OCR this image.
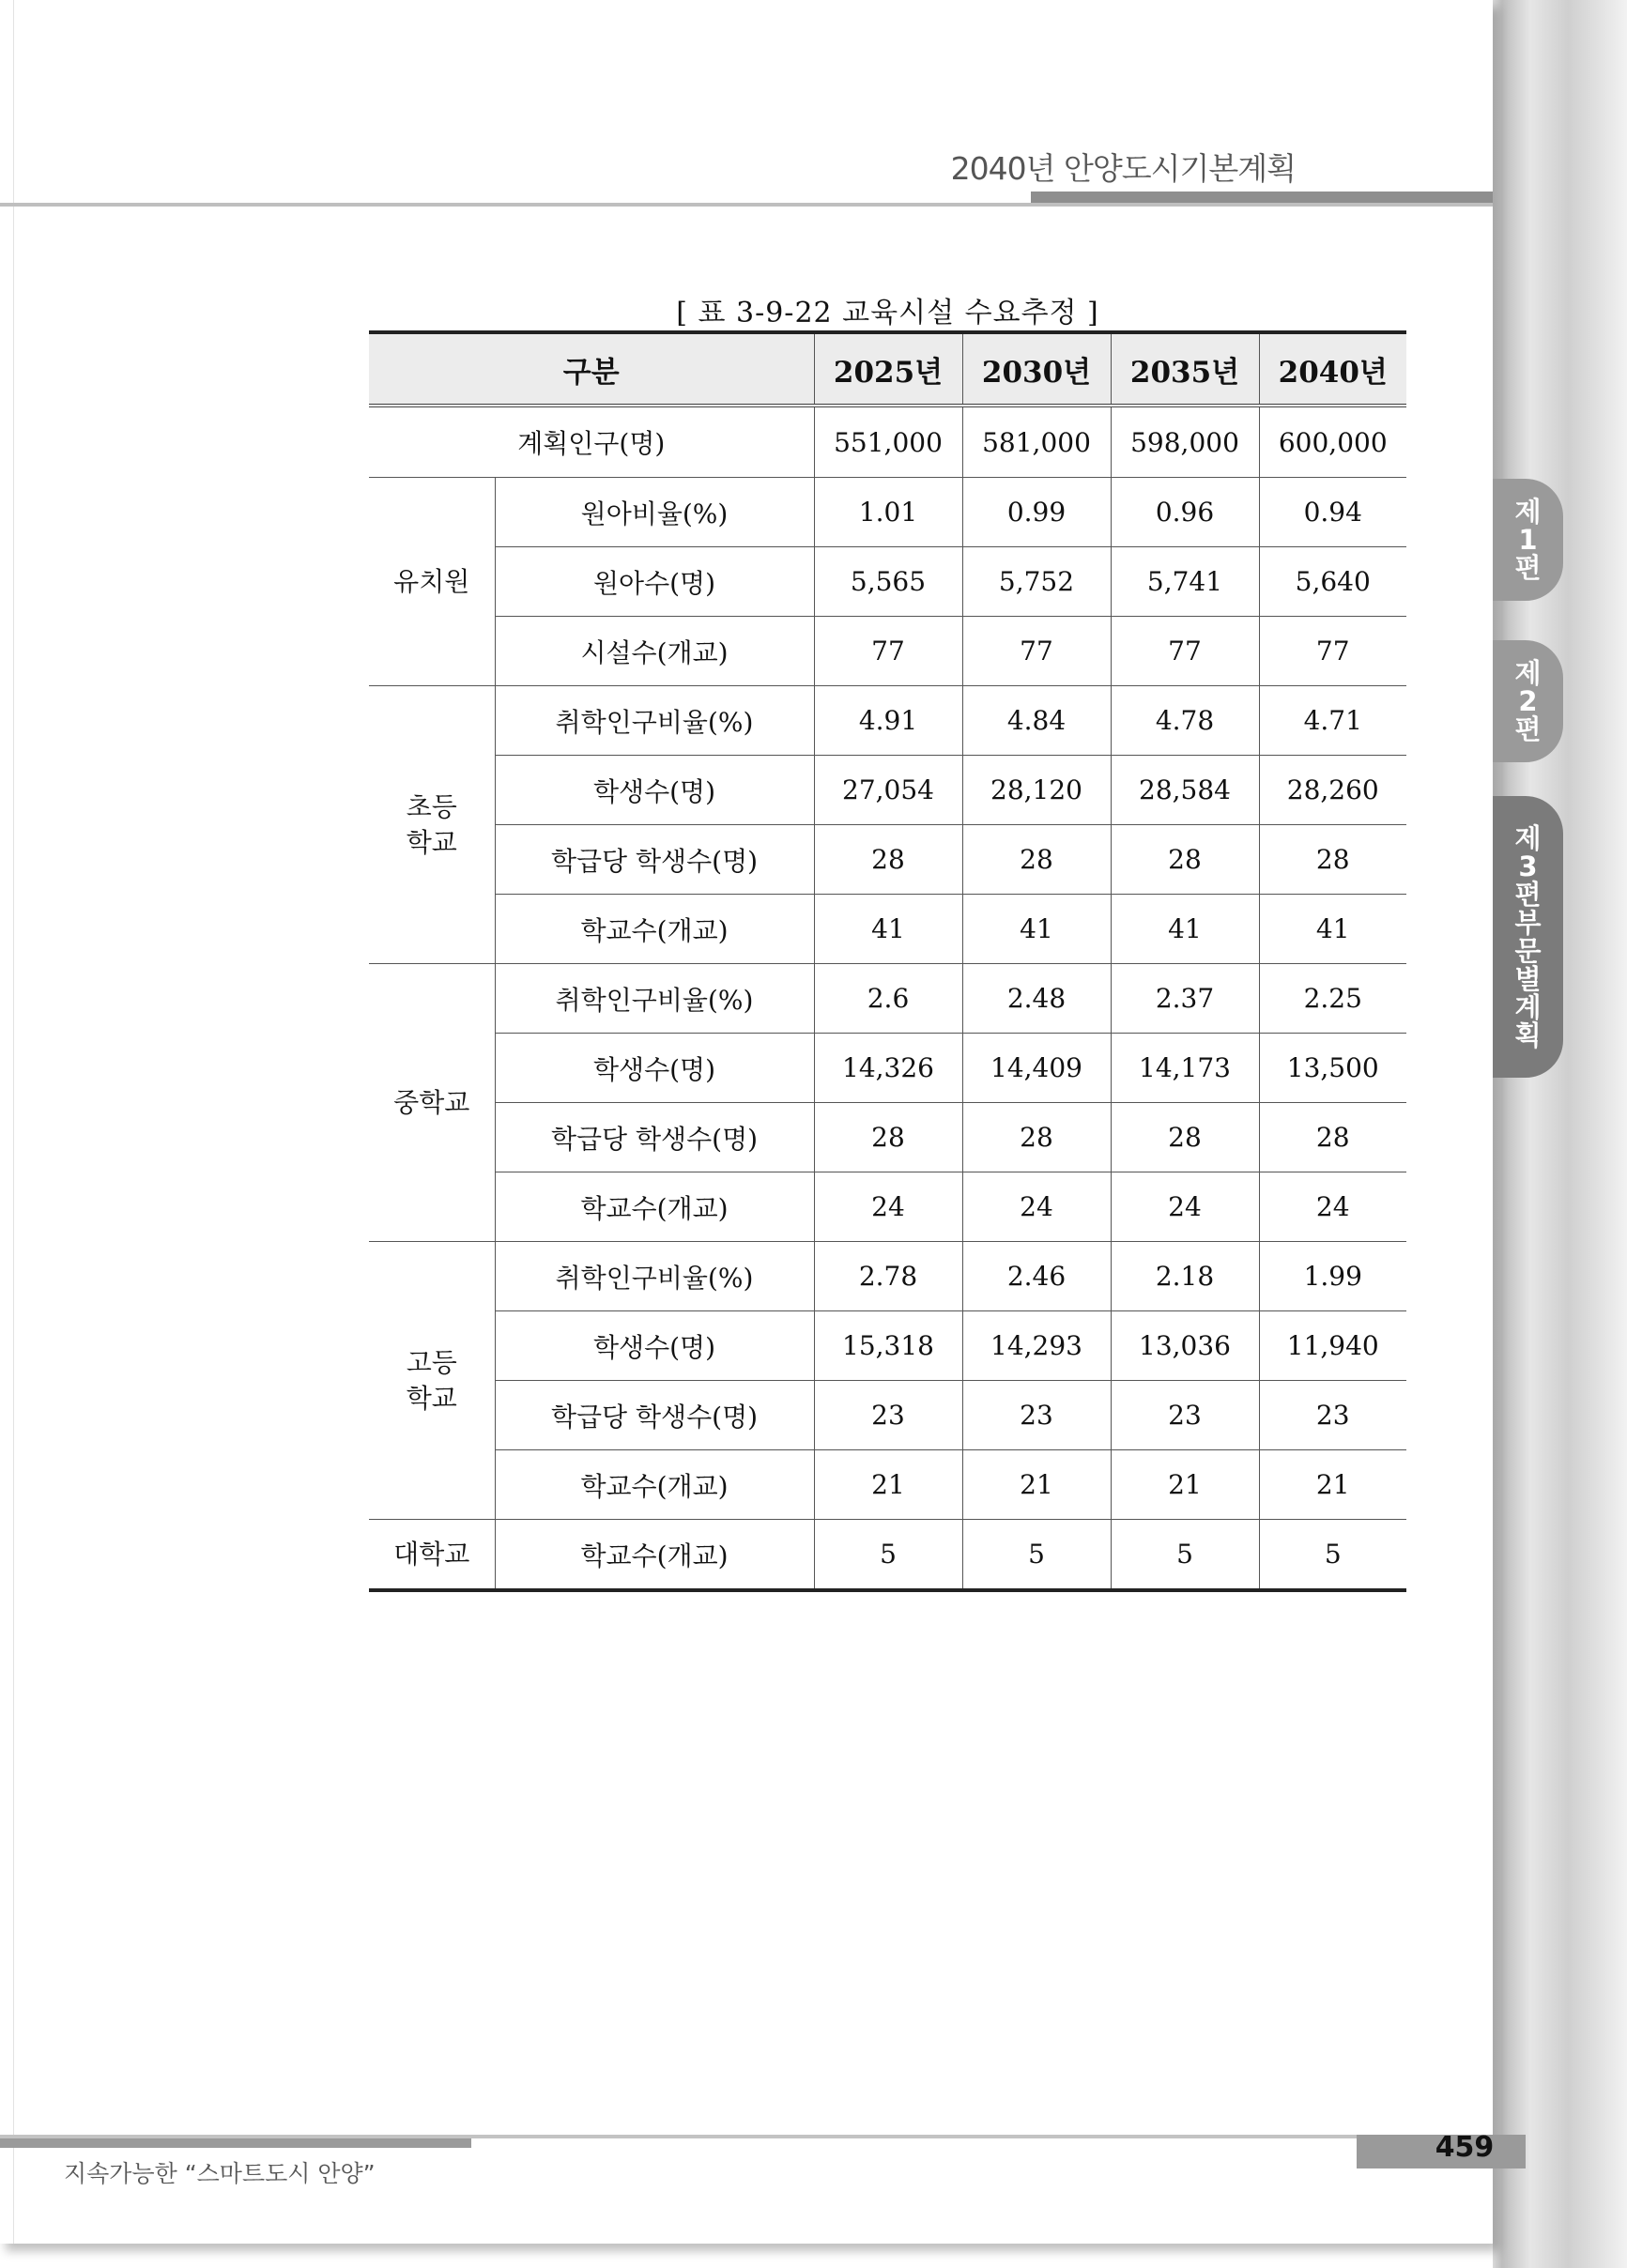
2040년 안양도시기본계획
[ 표 3-9-22 교육시설 수요추정 ]
구분		2025년	2030년	2035년	2040년
계획인구(명)		551,000	581,000	598,000	600,000
유치원	원아비율(%)	1.01	0.99	0.96	0.94
	원아수(명)	5,565	5,752	5,741	5,640
	시설수(개교)	77	77	77	77
초등
학교	취학인구비율(%)	4.91	4.84	4.78	4.71
	학생수(명)	27,054	28,120	28,584	28,260
	학급당 학생수(명)	28	28	28	28
	학교수(개교)	41	41	41	41
중학교	취학인구비율(%)	2.6	2.48	2.37	2.25
	학생수(명)	14,326	14,409	14,173	13,500
	학급당 학생수(명)	28	28	28	28
	학교수(개교)	24	24	24	24
고등
학교	취학인구비율(%)	2.78	2.46	2.18	1.99
	학생수(명)	15,318	14,293	13,036	11,940
	학급당 학생수(명)	23	23	23	23
	학교수(개교)	21	21	21	21
대학교	학교수(개교)	5	5	5	5
459
지속가능한 “스마트도시 안양”
제
1
편
제
2
편
제
3
편
부
문
별
계
획
